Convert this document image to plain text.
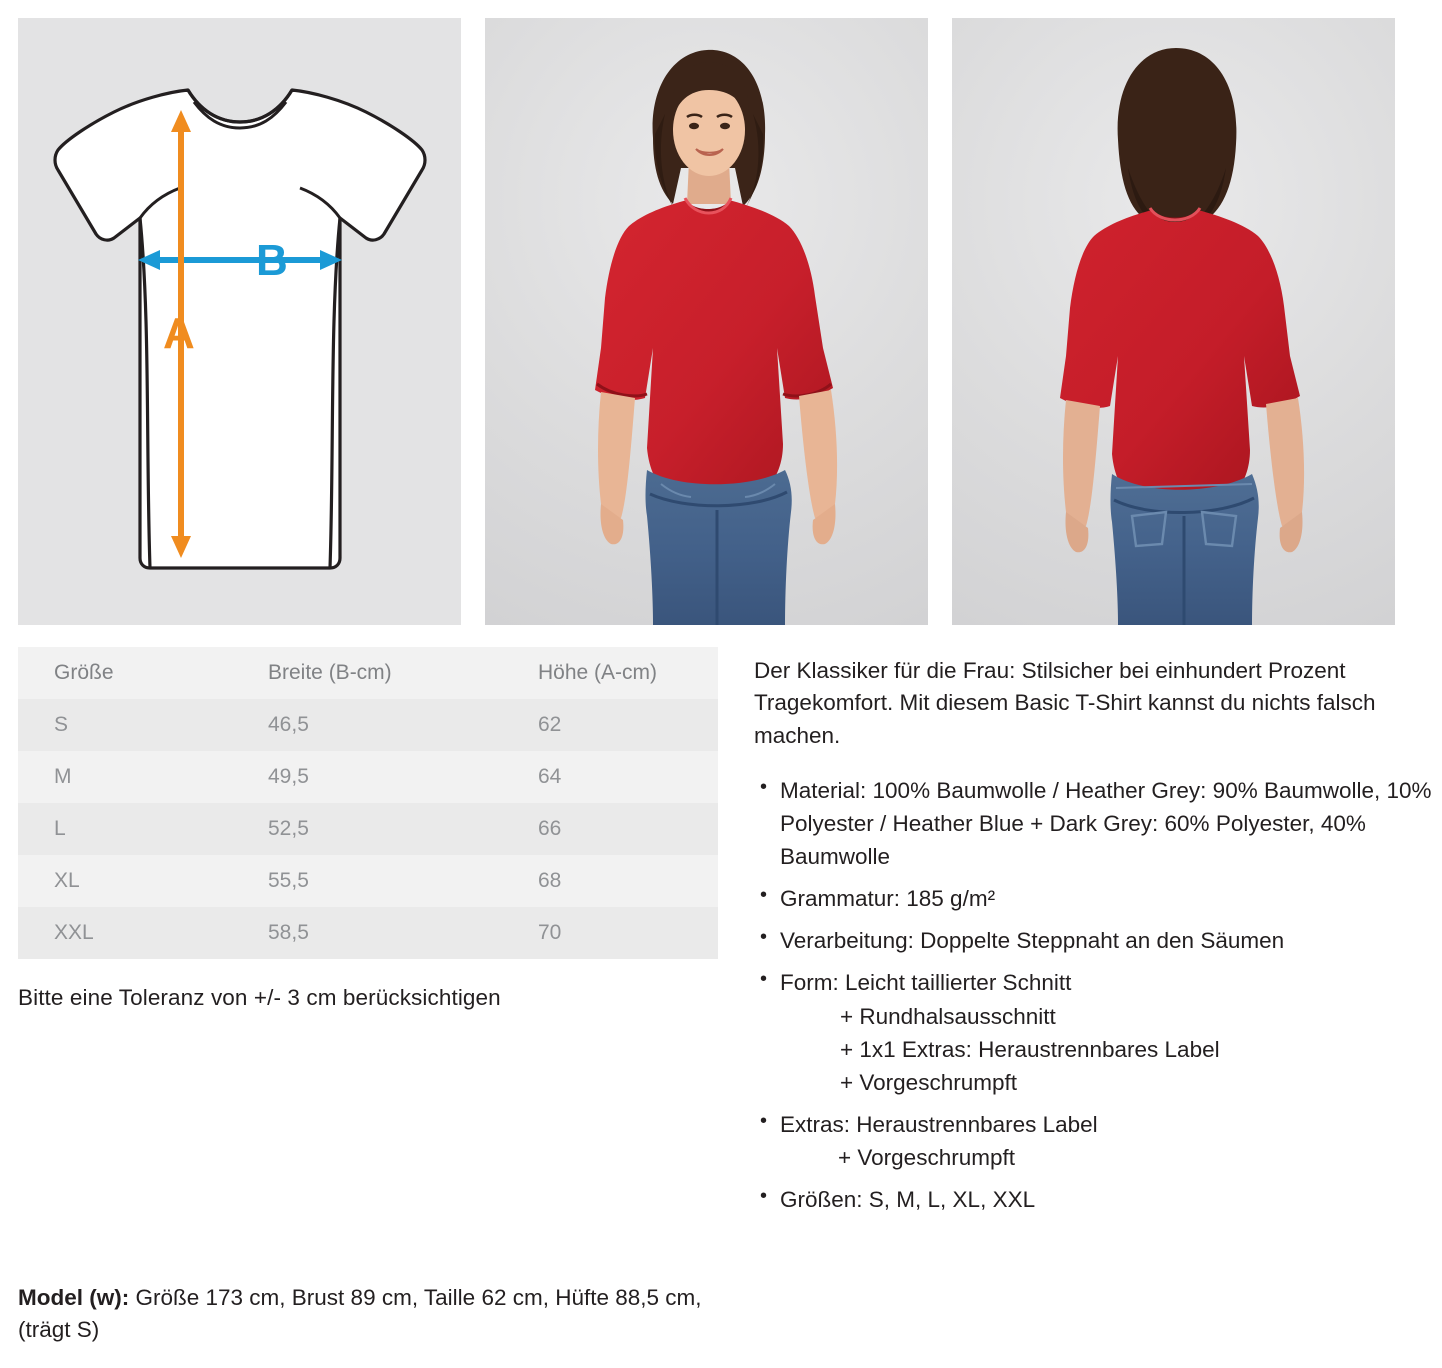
B
A
Größe	Breite (B-cm)	Höhe (A-cm)
S	46,5	62
M	49,5	64
L	52,5	66
XL	55,5	68
XXL	58,5	70
Bitte eine Toleranz von +/- 3 cm berücksichtigen

Der Klassiker für die Frau: Stilsicher bei einhundert Prozent Tragekomfort. Mit diesem Basic T-Shirt kannst du nichts falsch machen.

• Material: 100% Baumwolle / Heather Grey: 90% Baumwolle, 10% Polyester / Heather Blue + Dark Grey: 60% Polyester, 40% Baumwolle
• Grammatur: 185 g/m²
• Verarbeitung: Doppelte Steppnaht an den Säumen
• Form: Leicht taillierter Schnitt
+ Rundhalsausschnitt
+ 1x1 Extras: Heraustrennbares Label
+ Vorgeschrumpft
• Extras: Heraustrennbares Label
+ Vorgeschrumpft
• Größen: S, M, L, XL, XXL
Model (w): Größe 173 cm, Brust 89 cm, Taille 62 cm, Hüfte 88,5 cm, (trägt S)
